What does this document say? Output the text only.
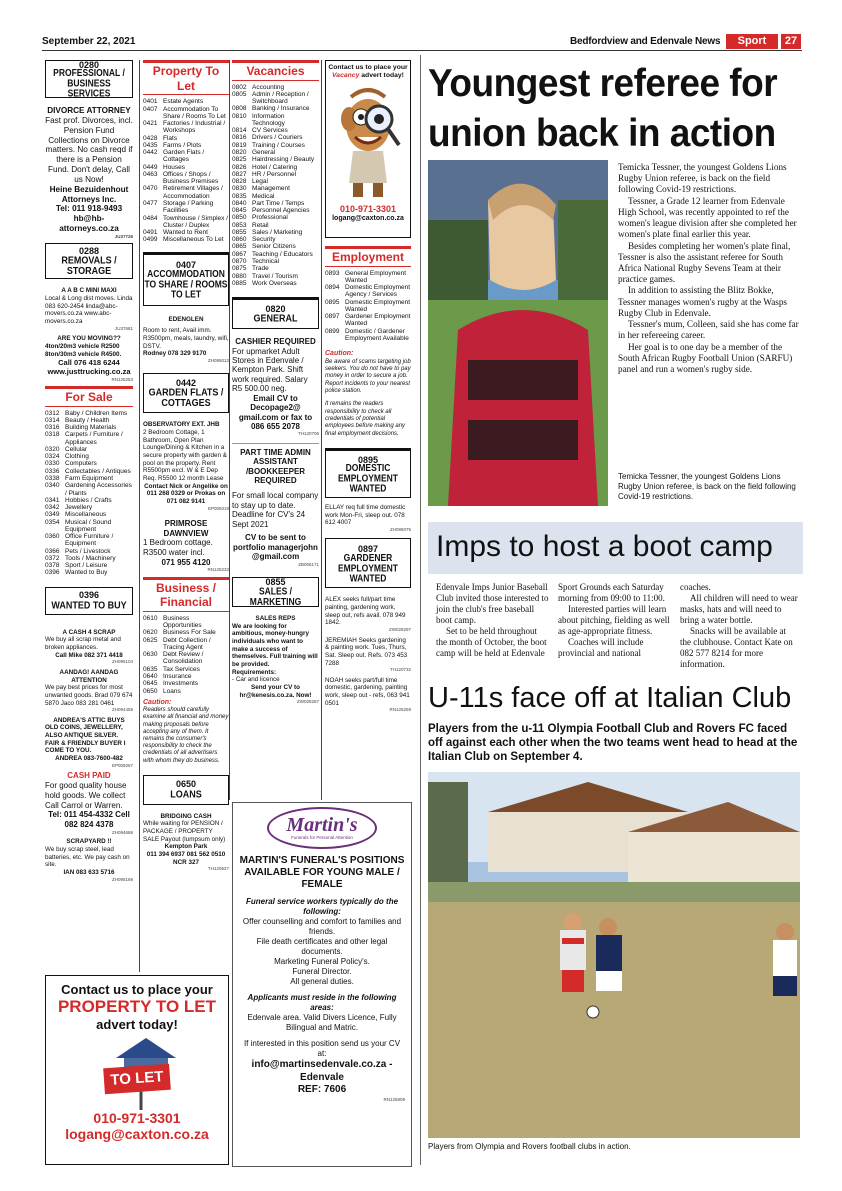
September 22, 2021	Bedfordview and Edenvale News	Sport	27
0280
PROFESSIONAL / BUSINESS SERVICES
DIVORCE ATTORNEY
Fast prof. Divorces, incl. Pension Fund Collections on Divorce matters. No cash reqd if there is a Pension Fund. Don't delay, Call us Now!
Heine Bezuidenhout Attorneys Inc.
Tel: 011 918-9493 hb@hb-attorneys.co.za
JU37726
0288
REMOVALS / STORAGE
A A B C MINI MAXI
Local & Long dist moves. Linda 083 620-2454 linda@abc-movers.co.za www.abc-movers.co.za
JU37681
ARE YOU MOVING??
4ton/20m3 vehicle R2500 8ton/30m3 vehicle R4500.
Call 076 418 6244
www.justtrucking.co.za
RN125253
For Sale
0312	Baby / Children Items
0314	Beauty / Health
0316	Building Materials
0318	Carpets / Furniture / Appliances
0320	Cellular
0324	Clothing
0330	Computers
0336	Collectables / Antiques
0338	Farm Equipment
0340	Gardening Accessories / Plants
0341	Hobbies / Crafts
0342	Jewellery
0349	Miscellaneous
0354	Musical / Sound Equipment
0360	Office Furniture / Equipment
0366	Pets / Livestock
0372	Tools / Machinery
0378	Sport / Leisure
0396	Wanted to Buy
0396
WANTED TO BUY
A CASH 4 SCRAP
We buy all scrap metal and broken appliances.
Call Mike 082 371 4418
ZH095104
AANDAG! AANDAG ATTENTION
We pay best prices for most unwanted goods. Brad 079 674 5870 Jaco 083 281 0461
ZH094459
ANDREA'S ATTIC BUYS
OLD COINS, JEWELLERY, ALSO ANTIQUE SILVER. FAIR & FRIENDLY BUYER I COME TO YOU.
ANDREA 083-7600-482
EP009267
CASH PAID
For good quality house hold goods. We collect Call Carrol or Warren.
Tel: 011 454-4332 Cell 082 824 4378
ZH094686
SCRAPYARD !!
We buy scrap steel, lead batteries, etc. We pay cash on site.
IAN 083 633 5716
ZH095169
Property To Let
0401	Estate Agents
0407	Accommodation To Share / Rooms To Let
0421	Factories / Industrial / Workshops
0428	Flats
0435	Farms / Plots
0442	Garden Flats / Cottages
0449	Houses
0463	Offices / Shops / Business Premises
0470	Retirement Villages / Accommodation
0477	Storage / Parking Facilities
0484	Townhouse / Simplex / Cluster / Duplex
0491	Wanted to Rent
0499	Miscellaneous To Let
0407
ACCOMMODATION TO SHARE / ROOMS TO LET
EDENGLEN
Room to rent, Avail imm. R3500pm, meals, laundry, wifi, DSTV.
Rodney 078 329 9170
ZH095012
0442
GARDEN FLATS / COTTAGES
OBSERVATORY EXT. JHB
2 Bedroom Cottage, 1 Bathroom, Open Plan Lounge/Dining & Kitchen in a secure property with garden & pool on the property. Rent R5500pm excl. W & E Dep Req. R5500 12 month Lease
Contact Nick or Angelike on 011 268 0329 or Prokas on 071 082 9141
EP009319
PRIMROSE DAWNVIEW
1 Bedroom cottage. R3500 water incl.
071 955 4120
RN125232
Business / Financial
0610	Business Opportunities
0620	Business For Sale
0625	Debt Collection / Tracing Agent
0630	Debt Review / Consolidation
0635	Tax Services
0640	Insurance
0645	Investments
0650	Loans
Caution:
Readers should carefully examine all financial and money making proposals before accepting any of them. It remains the consumer's responsibility to check the credentials of all advertisers with whom they do business.
0650
LOANS
BRIDGING CASH
While waiting for PENSION / PACKAGE / PROPERTY SALE Payout (lumpsum only)
Kempton Park
011 394 6937 081 562 0510 NCR 327
TH120627
Vacancies
0802	Accounting
0805	Admin / Reception / Switchboard
0808	Banking / Insurance
0810	Information Technology
0814	CV Services
0816	Drivers / Couriers
0819	Training / Courses
0820	General
0825	Hairdressing / Beauty
0826	Hotel / Catering
0827	HR / Personnel
0828	Legal
0830	Management
0835	Medical
0840	Part Time / Temps
0845	Personnel Agencies
0850	Professional
0853	Retail
0855	Sales / Marketing
0860	Security
0865	Senior Citizens
0867	Teaching / Educators
0870	Technical
0875	Trade
0880	Travel / Tourism
0885	Work Overseas
0820
GENERAL
CASHIER REQUIRED
For upmarket Adult Stores in Edenvale / Kempton Park. Shift work required. Salary R5 500.00 neg.
Email CV to Decopage2@ gmail.com or fax to 086 655 2078
TH120706
PART TIME ADMIN ASSISTANT /BOOKKEEPER REQUIRED
For small local company to stay up to date. Deadline for CV's 24 Sept 2021
CV to be sent to portfolio managerjohn @gmail.com
ZB006171
0855
SALES / MARKETING
SALES REPS
We are looking for ambitious, money-hungry individuals who want to make a success of themselves. Full training will be provided.
Requirements:
- Car and licence
Send your CV to hr@kenesis.co.za. Now!
ZW028287
Contact us to place your
Vacancy advert today!
010-971-3301
logang@caxton.co.za
Employment
0893	General Employment Wanted
0894	Domestic Employment Agency / Services
0895	Domestic Employment Wanted
0897	Gardener Employment Wanted
0899	Domestic / Gardener Employment Available
Caution:
Be aware of scams targeting job seekers. You do not have to pay money in order to secure a job. Report incidents to your nearest police station.
It remains the readers responsibility to check all credentials of potential employees before making any final employment decisions.
0895
DOMESTIC EMPLOYMENT WANTED
ELLAY req full time domestic work Mon-Fri, sleep out. 078 612 4007
ZH095075
0897
GARDENER EMPLOYMENT WANTED
ALEX seeks full/part time painting, gardening work, sleep out, refs avail. 078 949 1842.
ZW028297
JEREMIAH Seeks gardening & painting work. Tues, Thurs, Sat. Sleep out. Refs. 073 453 7288
TH120732
NOAH seeks part/full time domestic, gardening, painting work, sleep out - refs, 063 941 0501
RN125259
Martin's
Funerals for Personal Attention
MARTIN'S FUNERAL'S POSITIONS AVAILABLE FOR YOUNG MALE / FEMALE
Funeral service workers typically do the following:
Offer counselling and comfort to families and friends.
File death certificates and other legal documents.
Marketing Funeral Policy's.
Funeral Director.
All general duties.
Applicants must reside in the following areas:
Edenvale area. Valid Divers Licence, Fully Bilingual and Matric.
If interested in this position send us your CV at:
info@martinsedenvale.co.za - Edenvale
REF: 7606
RN125809
Contact us to place your
PROPERTY TO LET
advert today!
TO LET
010-971-3301
logang@caxton.co.za
Youngest referee for union back in action
Temicka Tessner, the youngest Goldens Lions Rugby Union referee, is back on the field following Covid-19 restrictions.
Tessner, a Grade 12 learner from Edenvale High School, was recently appointed to ref the women's league division after she completed her women's plate final earlier this year.
Besides completing her women's plate final, Tessner is also the assistant referee for South Africa National Rugby Sevens Team at their practice games.
In addition to assisting the Blitz Bokke, Tessner manages women's rugby at the Wasps Rugby Club in Edenvale.
Tessner's mum, Colleen, said she has come far in her refereeing career.
Her goal is to one day be a member of the South African Rugby Football Union (SARFU) panel and run a women's rugby side.
Temicka Tessner, the youngest Goldens Lions Rugby Union referee, is back on the field following Covid-19 restrictions.
Imps to host a boot camp
Edenvale Imps Junior Baseball Club invited those interested to join the club's free baseball boot camp.
Set to be held throughout the month of October, the boot camp will be held at Edenvale
Sport Grounds each Saturday morning from 09:00 to 11:00.
Interested parties will learn about pitching, fielding as well as age-appropriate fitness.
Coaches will include provincial and national
coaches.
All children will need to wear masks, hats and will need to bring a water bottle.
Snacks will be available at the clubhouse. Contact Kate on 082 577 8214 for more information.
U-11s face off at Italian Club
Players from the u-11 Olympia Football Club and Rovers FC faced off against each other when the two teams went head to head at the Italian Club on September 4.
Players from Olympia and Rovers football clubs in action.
